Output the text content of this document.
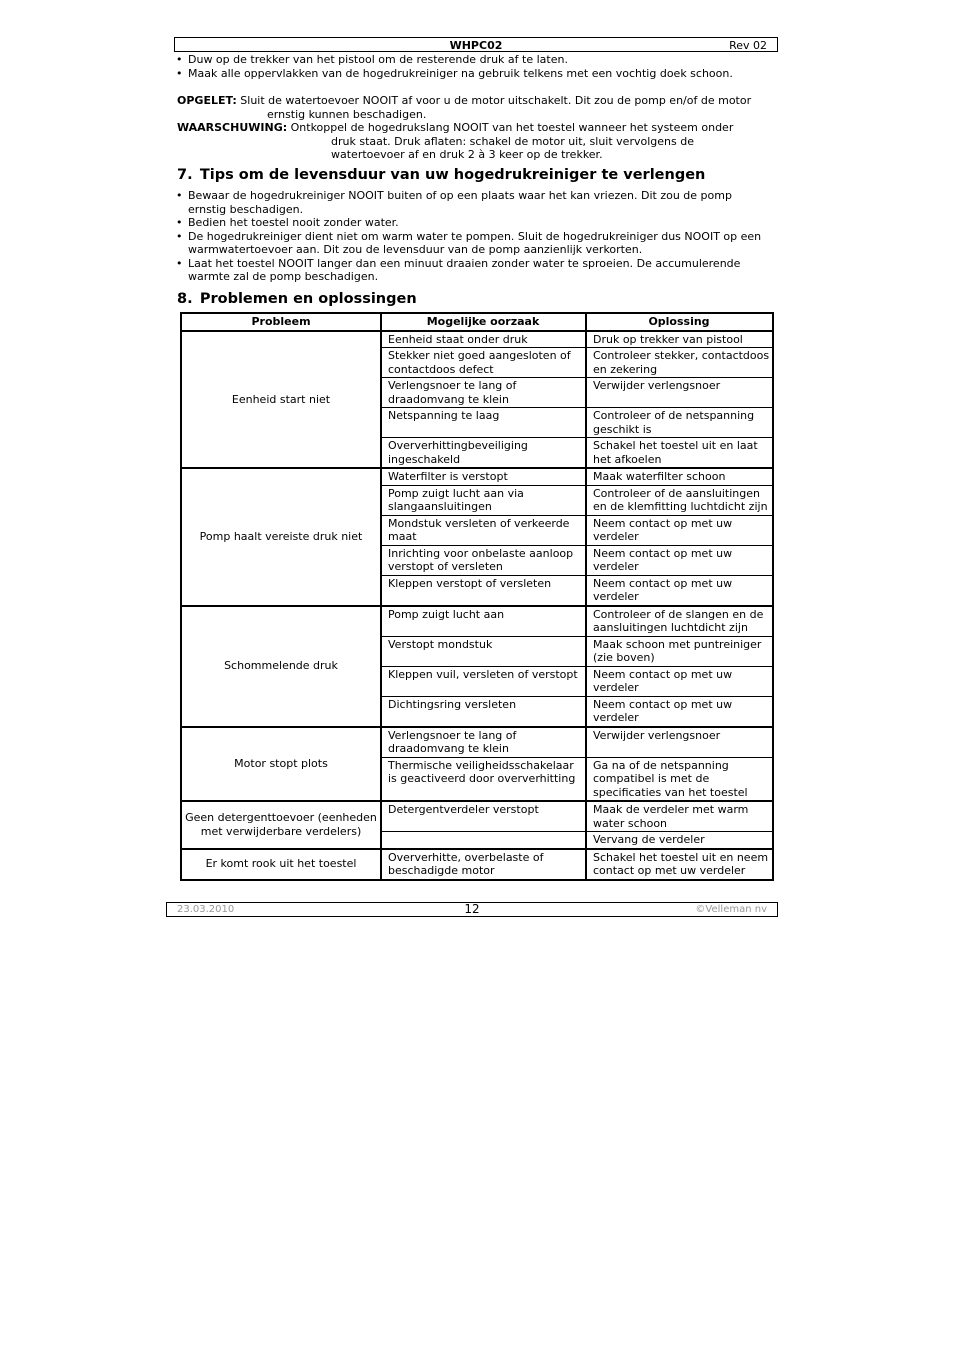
WHPC02	Rev 02
• Duw op de trekker van het pistool om de resterende druk af te laten.
• Maak alle oppervlakken van de hogedrukreiniger na gebruik telkens met een vochtig doek schoon.
OPGELET: Sluit de watertoevoer NOOIT af voor u de motor uitschakelt. Dit zou de pomp en/of de motor
ernstig kunnen beschadigen.
WAARSCHUWING: Ontkoppel de hogedrukslang NOOIT van het toestel wanneer het systeem onder
druk staat. Druk aflaten: schakel de motor uit, sluit vervolgens de
watertoevoer af en druk 2 à 3 keer op de trekker.
7. Tips om de levensduur van uw hogedrukreiniger te verlengen
• Bewaar de hogedrukreiniger NOOIT buiten of op een plaats waar het kan vriezen. Dit zou de pomp ernstig beschadigen.
• Bedien het toestel nooit zonder water.
• De hogedrukreiniger dient niet om warm water te pompen. Sluit de hogedrukreiniger dus NOOIT op een warmwatertoevoer aan. Dit zou de levensduur van de pomp aanzienlijk verkorten.
• Laat het toestel NOOIT langer dan een minuut draaien zonder water te sproeien. De accumulerende warmte zal de pomp beschadigen.
8. Problemen en oplossingen
Probleem	Mogelijke oorzaak	Oplossing
Eenheid start niet	Eenheid staat onder druk	Druk op trekker van pistool
	Stekker niet goed aangesloten of contactdoos defect	Controleer stekker, contactdoos en zekering
	Verlengsnoer te lang of draadomvang te klein	Verwijder verlengsnoer
	Netspanning te laag	Controleer of de netspanning geschikt is
	Oververhittingbeveiliging ingeschakeld	Schakel het toestel uit en laat het afkoelen
Pomp haalt vereiste druk niet	Waterfilter is verstopt	Maak waterfilter schoon
	Pomp zuigt lucht aan via slangaansluitingen	Controleer of de aansluitingen en de klemfitting luchtdicht zijn
	Mondstuk versleten of verkeerde maat	Neem contact op met uw verdeler
	Inrichting voor onbelaste aanloop verstopt of versleten	Neem contact op met uw verdeler
	Kleppen verstopt of versleten	Neem contact op met uw verdeler
Schommelende druk	Pomp zuigt lucht aan	Controleer of de slangen en de aansluitingen luchtdicht zijn
	Verstopt mondstuk	Maak schoon met puntreiniger (zie boven)
	Kleppen vuil, versleten of verstopt	Neem contact op met uw verdeler
	Dichtingsring versleten	Neem contact op met uw verdeler
Motor stopt plots	Verlengsnoer te lang of draadomvang te klein	Verwijder verlengsnoer
	Thermische veiligheidsschakelaar is geactiveerd door oververhitting	Ga na of de netspanning compatibel is met de specificaties van het toestel
Geen detergenttoevoer (eenheden met verwijderbare verdelers)	Detergentverdeler verstopt	Maak de verdeler met warm water schoon
		Vervang de verdeler
Er komt rook uit het toestel	Oververhitte, overbelaste of beschadigde motor	Schakel het toestel uit en neem contact op met uw verdeler
23.03.2010	12	©Velleman nv
